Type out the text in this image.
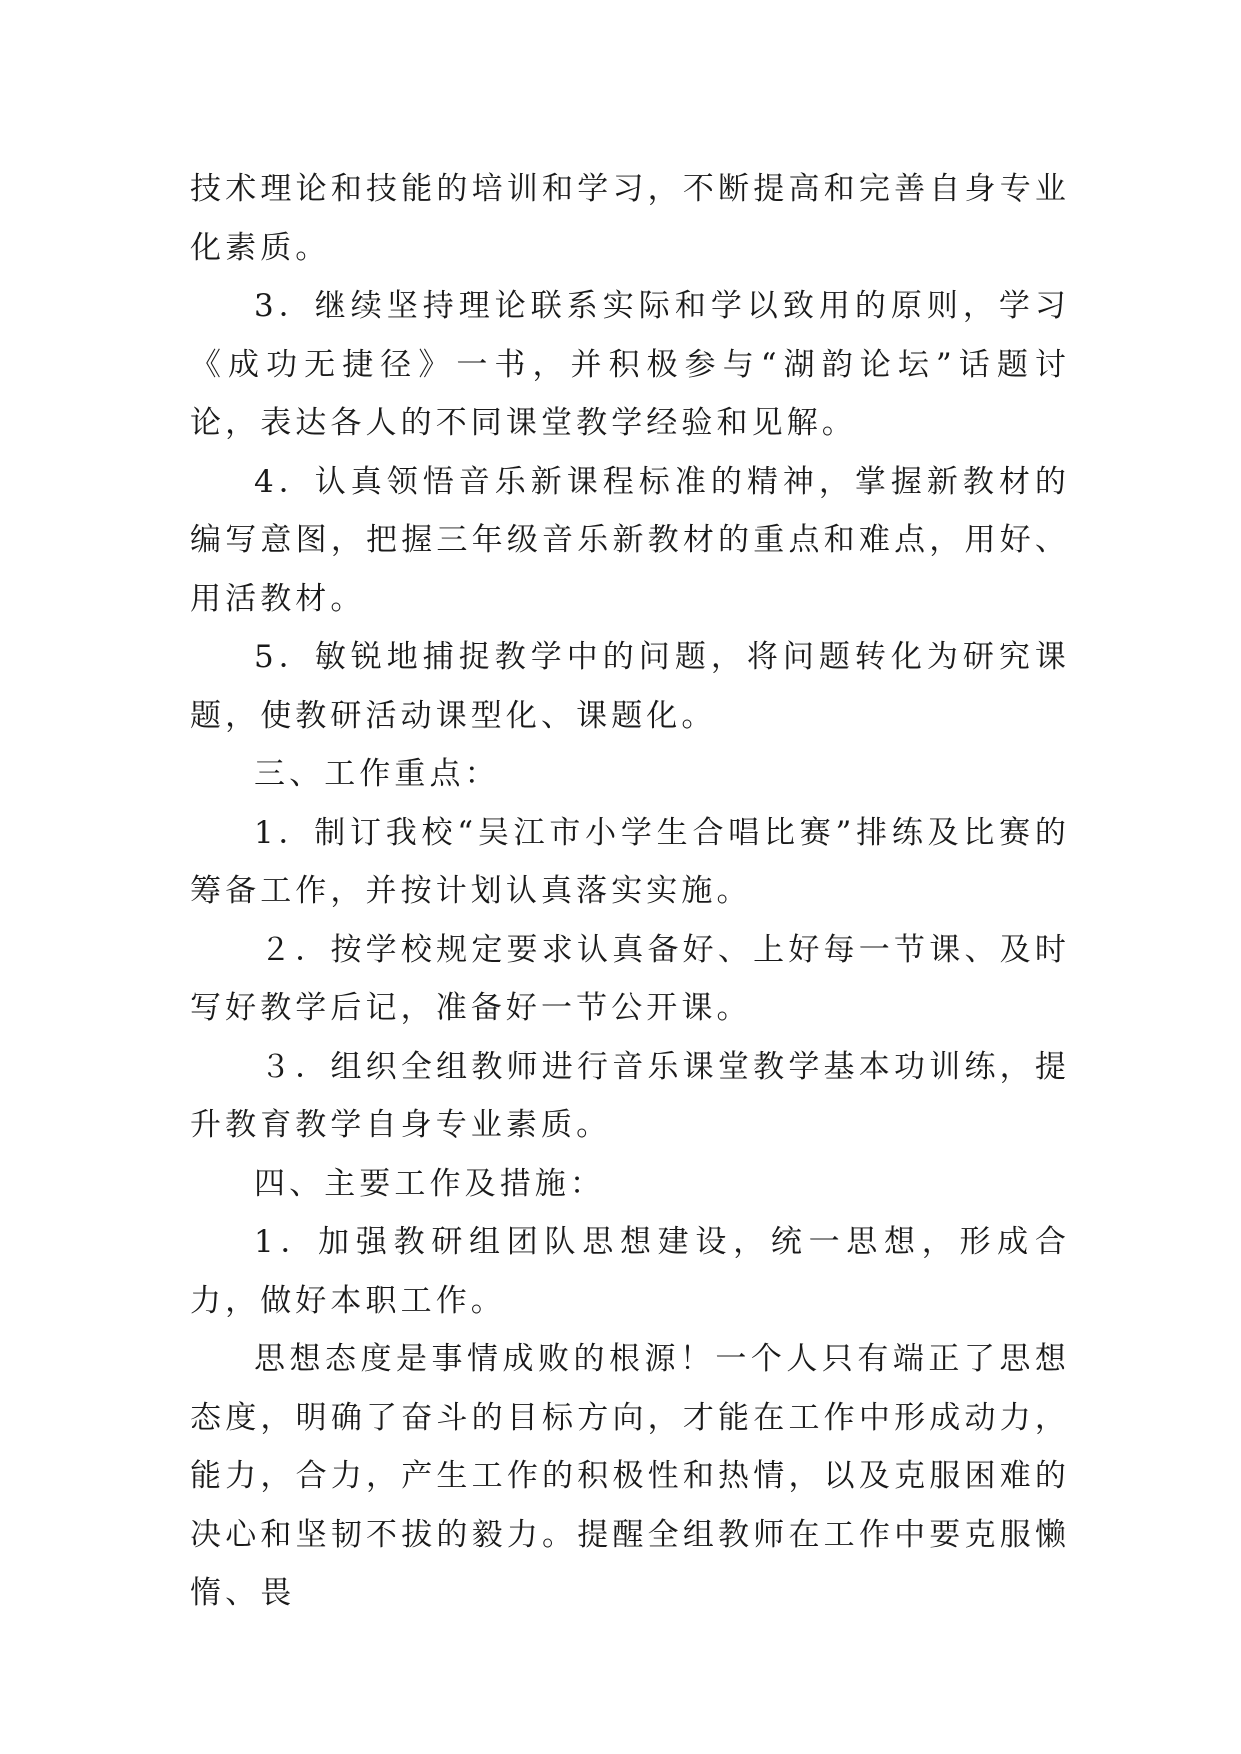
技术理论和技能的培训和学习，不断提高和完善自身专业化素质。

3．继续坚持理论联系实际和学以致用的原则，学习《成功无捷径》一书，并积极参与“湖韵论坛”话题讨论，表达各人的不同课堂教学经验和见解。

4．认真领悟音乐新课程标准的精神，掌握新教材的编写意图，把握三年级音乐新教材的重点和难点，用好、用活教材。

5．敏锐地捕捉教学中的问题，将问题转化为研究课题，使教研活动课型化、课题化。

三、工作重点：

1．制订我校“吴江市小学生合唱比赛”排练及比赛的筹备工作，并按计划认真落实实施。

２．按学校规定要求认真备好、上好每一节课、及时写好教学后记，准备好一节公开课。

３．组织全组教师进行音乐课堂教学基本功训练，提升教育教学自身专业素质。

四、主要工作及措施：

1．加强教研组团队思想建设，统一思想，形成合力，做好本职工作。

思想态度是事情成败的根源！一个人只有端正了思想态度，明确了奋斗的目标方向，才能在工作中形成动力，能力，合力，产生工作的积极性和热情，以及克服困难的决心和坚韧不拔的毅力。提醒全组教师在工作中要克服懒惰、畏
